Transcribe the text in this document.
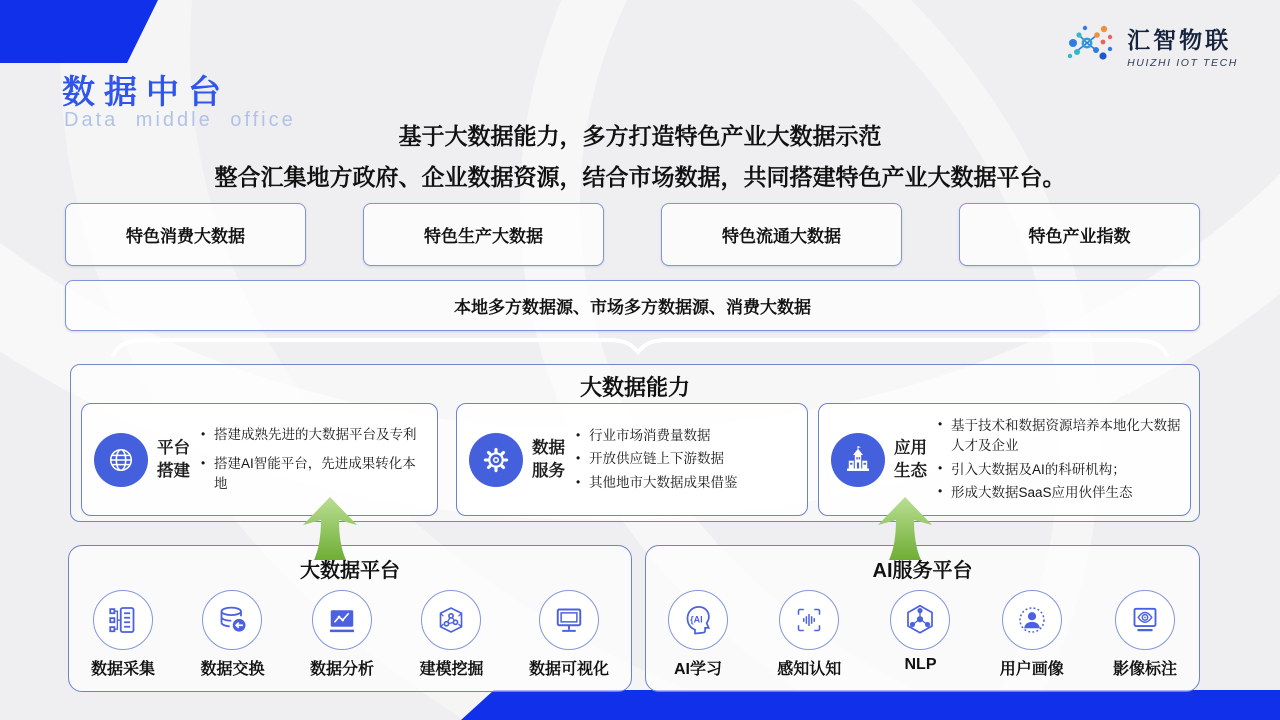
汇智物联
HUIZHI IOT TECH
数据中台
Data middle office
基于大数据能力，多方打造特色产业大数据示范
整合汇集地方政府、企业数据资源，结合市场数据，共同搭建特色产业大数据平台。
特色消费大数据	特色生产大数据	特色流通大数据	特色产业指数
本地多方数据源、市场多方数据源、消费大数据
大数据能力
平台
搭建
• 搭建成熟先进的大数据平台及专利
• 搭建AI智能平台，先进成果转化本地
数据
服务
• 行业市场消费量数据
• 开放供应链上下游数据
• 其他地市大数据成果借鉴
应用
生态
• 基于技术和数据资源培养本地化大数据人才及企业
• 引入大数据及AI的科研机构；
• 形成大数据SaaS应用伙伴生态
大数据平台
数据采集	数据交换	数据分析	建模挖掘	数据可视化
AI服务平台
{AI
AI学习	感知认知	NLP	用户画像	影像标注
